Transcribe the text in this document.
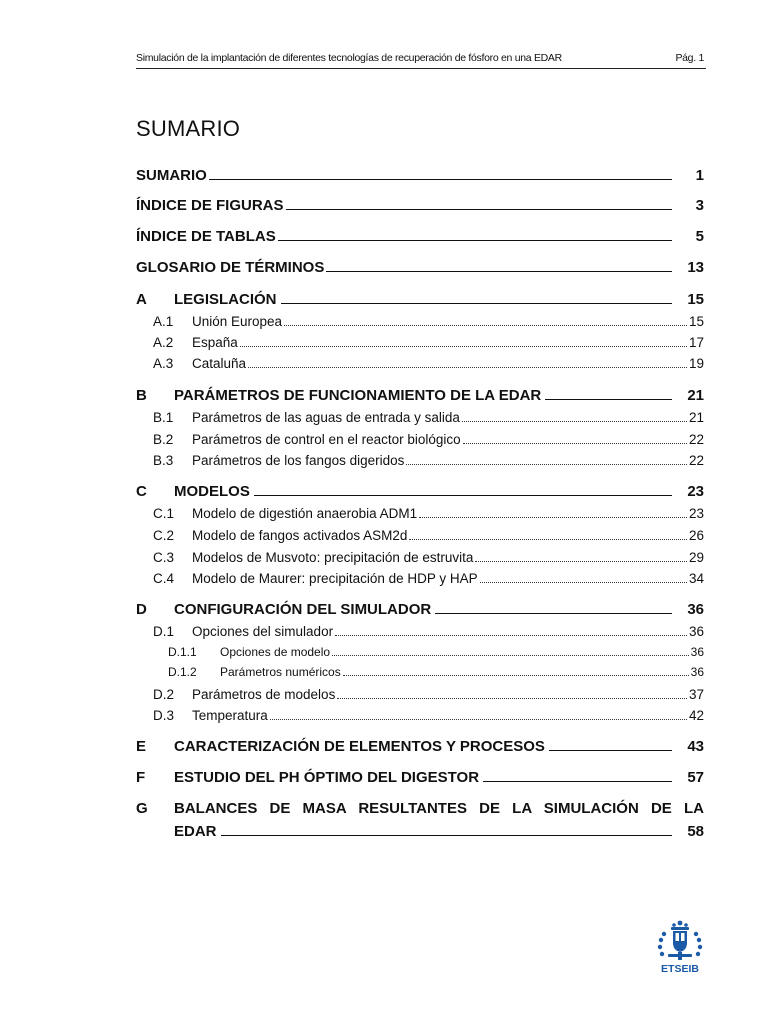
Simulación de la implantación de diferentes tecnologías de recuperación de fósforo en una EDAR	Pág. 1
SUMARIO
SUMARIO	1
ÍNDICE DE FIGURAS	3
ÍNDICE DE TABLAS	5
GLOSARIO DE TÉRMINOS	13
A	LEGISLACIÓN	15
A.1	Unión Europea	15
A.2	España	17
A.3	Cataluña	19
B	PARÁMETROS DE FUNCIONAMIENTO DE LA EDAR	21
B.1	Parámetros de las aguas de entrada y salida	21
B.2	Parámetros de control en el reactor biológico	22
B.3	Parámetros de los fangos digeridos	22
C	MODELOS	23
C.1	Modelo de digestión anaerobia ADM1	23
C.2	Modelo de fangos activados ASM2d	26
C.3	Modelos de Musvoto: precipitación de estruvita	29
C.4	Modelo de Maurer: precipitación de HDP y HAP	34
D	CONFIGURACIÓN DEL SIMULADOR	36
D.1	Opciones del simulador	36
D.1.1	Opciones de modelo	36
D.1.2	Parámetros numéricos	36
D.2	Parámetros de modelos	37
D.3	Temperatura	42
E	CARACTERIZACIÓN DE ELEMENTOS Y PROCESOS	43
F	ESTUDIO DEL PH ÓPTIMO DEL DIGESTOR	57
G	BALANCES DE MASA RESULTANTES DE LA SIMULACIÓN DE LA
EDAR	58
ETSEIB
